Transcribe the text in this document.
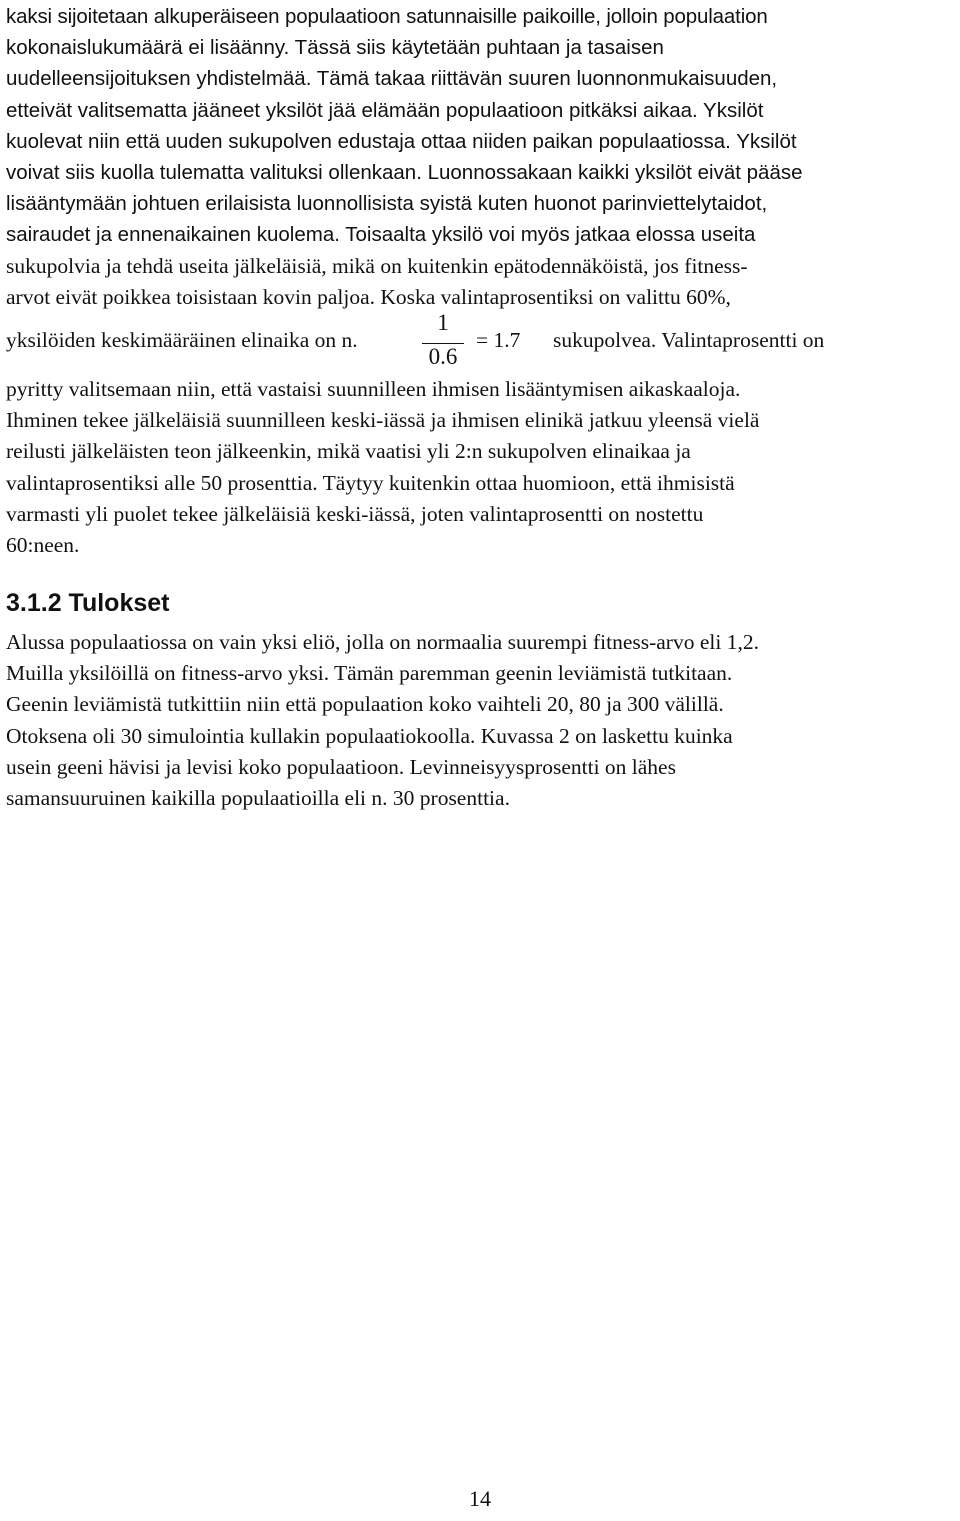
kaksi sijoitetaan alkuperäiseen populaatioon satunnaisille paikoille, jolloin populaation
kokonaislukumäärä ei lisäänny. Tässä siis käytetään puhtaan ja tasaisen
uudelleensijoituksen yhdistelmää. Tämä takaa riittävän suuren luonnonmukaisuuden,
etteivät valitsematta jääneet yksilöt jää elämään populaatioon pitkäksi aikaa. Yksilöt
kuolevat niin että uuden sukupolven edustaja ottaa niiden paikan populaatiossa. Yksilöt
voivat siis kuolla tulematta valituksi ollenkaan. Luonnossakaan kaikki yksilöt eivät pääse
lisääntymään johtuen erilaisista luonnollisista syistä kuten huonot parinviettelytaidot,
sairaudet ja ennenaikainen kuolema. Toisaalta yksilö voi myös jatkaa elossa useita
sukupolvia ja tehdä useita jälkeläisiä, mikä on kuitenkin epätodennäköistä, jos fitness-
arvot eivät poikkea toisistaan kovin paljoa. Koska valintaprosentiksi on valittu 60%,
yksilöiden keskimääräinen elinaika on n.
1
0.6
= 1.7 sukupolvea. Valintaprosentti on
pyritty valitsemaan niin, että vastaisi suunnilleen ihmisen lisääntymisen aikaskaaloja.
Ihminen tekee jälkeläisiä suunnilleen keski-iässä ja ihmisen elinikä jatkuu yleensä vielä
reilusti jälkeläisten teon jälkeenkin, mikä vaatisi yli 2:n sukupolven elinaikaa ja
valintaprosentiksi alle 50 prosenttia. Täytyy kuitenkin ottaa huomioon, että ihmisistä
varmasti yli puolet tekee jälkeläisiä keski-iässä, joten valintaprosentti on nostettu
60:neen.
3.1.2 Tulokset
Alussa populaatiossa on vain yksi eliö, jolla on normaalia suurempi fitness-arvo eli 1,2.
Muilla yksilöillä on fitness-arvo yksi. Tämän paremman geenin leviämistä tutkitaan.
Geenin leviämistä tutkittiin niin että populaation koko vaihteli 20, 80 ja 300 välillä.
Otoksena oli 30 simulointia kullakin populaatiokoolla. Kuvassa 2 on laskettu kuinka
usein geeni hävisi ja levisi koko populaatioon. Levinneisyysprosentti on lähes
samansuuruinen kaikilla populaatioilla eli n. 30 prosenttia.
14
